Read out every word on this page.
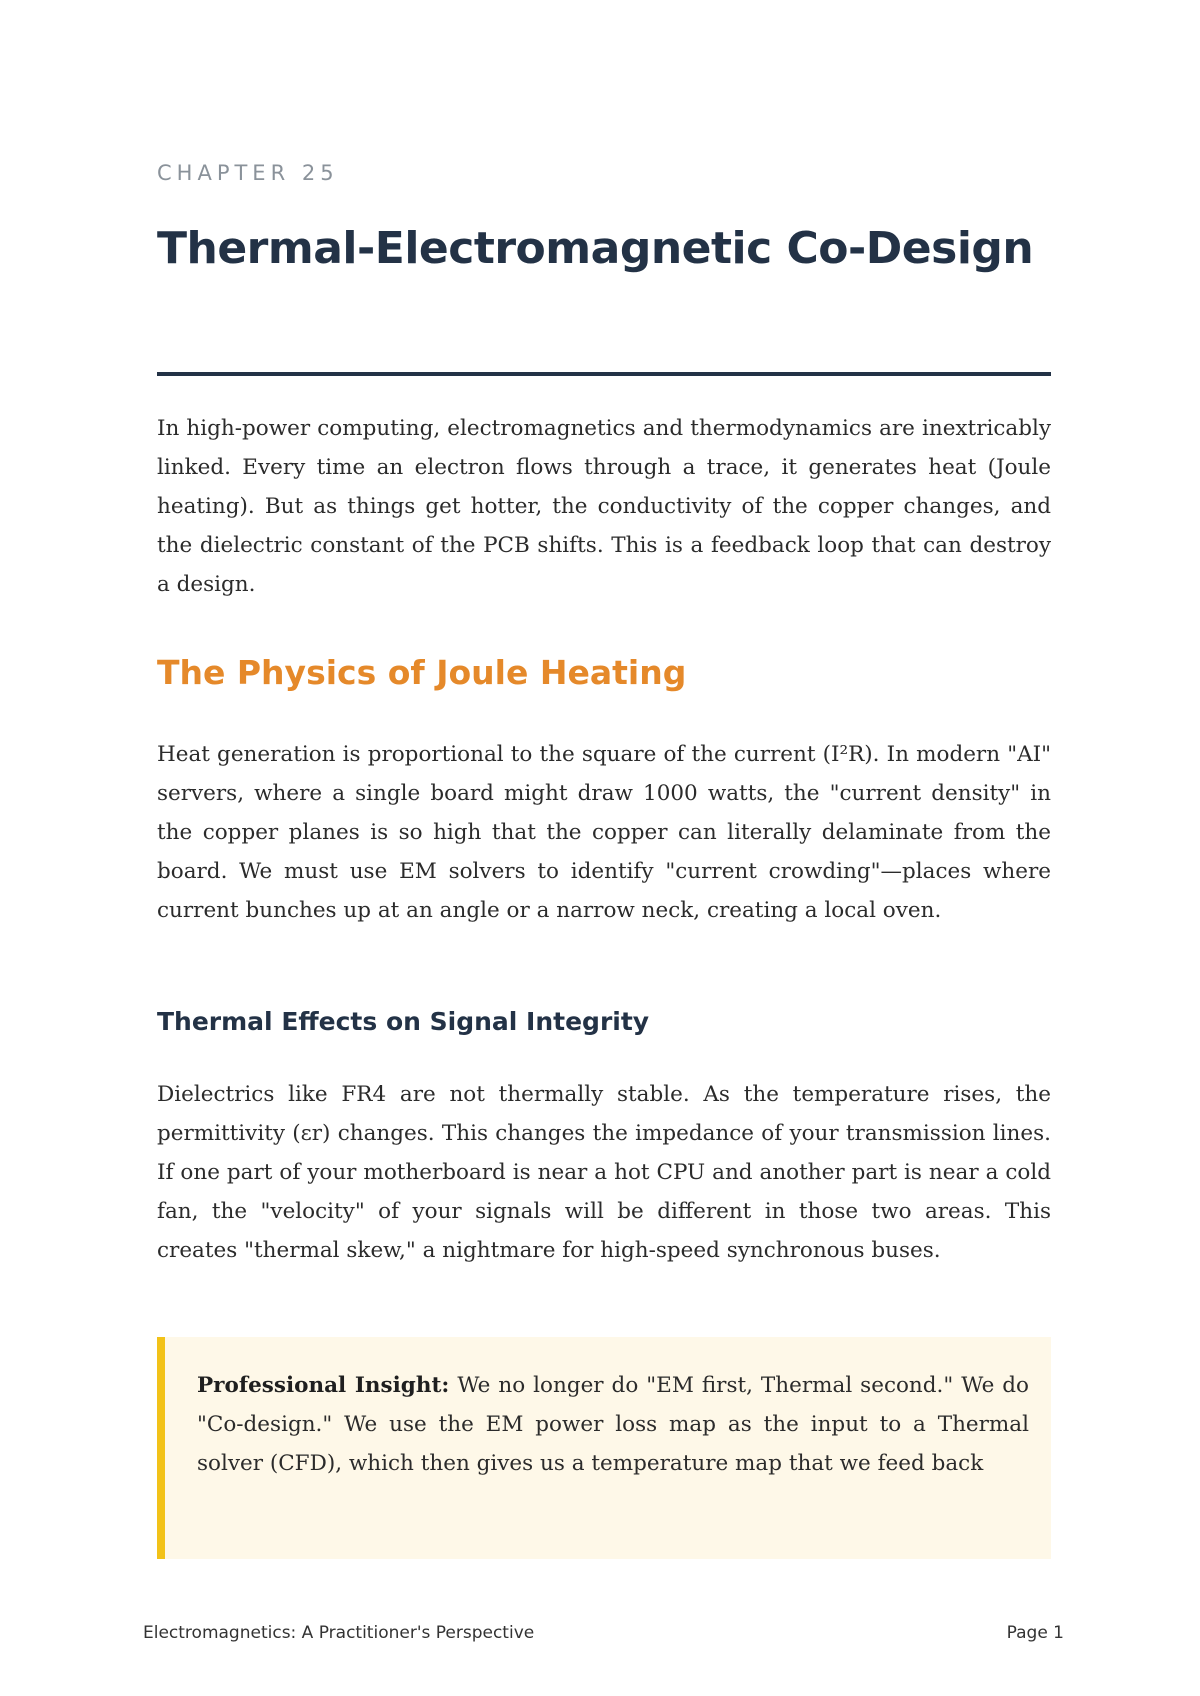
CHAPTER 25
Thermal-Electromagnetic Co-Design

In high-power computing, electromagnetics and thermodynamics are inextricably linked. Every time an electron flows through a trace, it generates heat (Joule heating). But as things get hotter, the conductivity of the copper changes, and the dielectric constant of the PCB shifts. This is a feedback loop that can destroy a design.

The Physics of Joule Heating

Heat generation is proportional to the square of the current (I²R). In modern "AI" servers, where a single board might draw 1000 watts, the "current density" in the copper planes is so high that the copper can literally delaminate from the board. We must use EM solvers to identify "current crowding"—places where current bunches up at an angle or a narrow neck, creating a local oven.

Thermal Effects on Signal Integrity

Dielectrics like FR4 are not thermally stable. As the temperature rises, the permittivity (εr) changes. This changes the impedance of your transmission lines. If one part of your motherboard is near a hot CPU and another part is near a cold fan, the "velocity" of your signals will be different in those two areas. This creates "thermal skew," a nightmare for high-speed synchronous buses.

Professional Insight: We no longer do "EM first, Thermal second." We do "Co-design." We use the EM power loss map as the input to a Thermal solver (CFD), which then gives us a temperature map that we feed back

Electromagnetics: A Practitioner's Perspective	Page 1
